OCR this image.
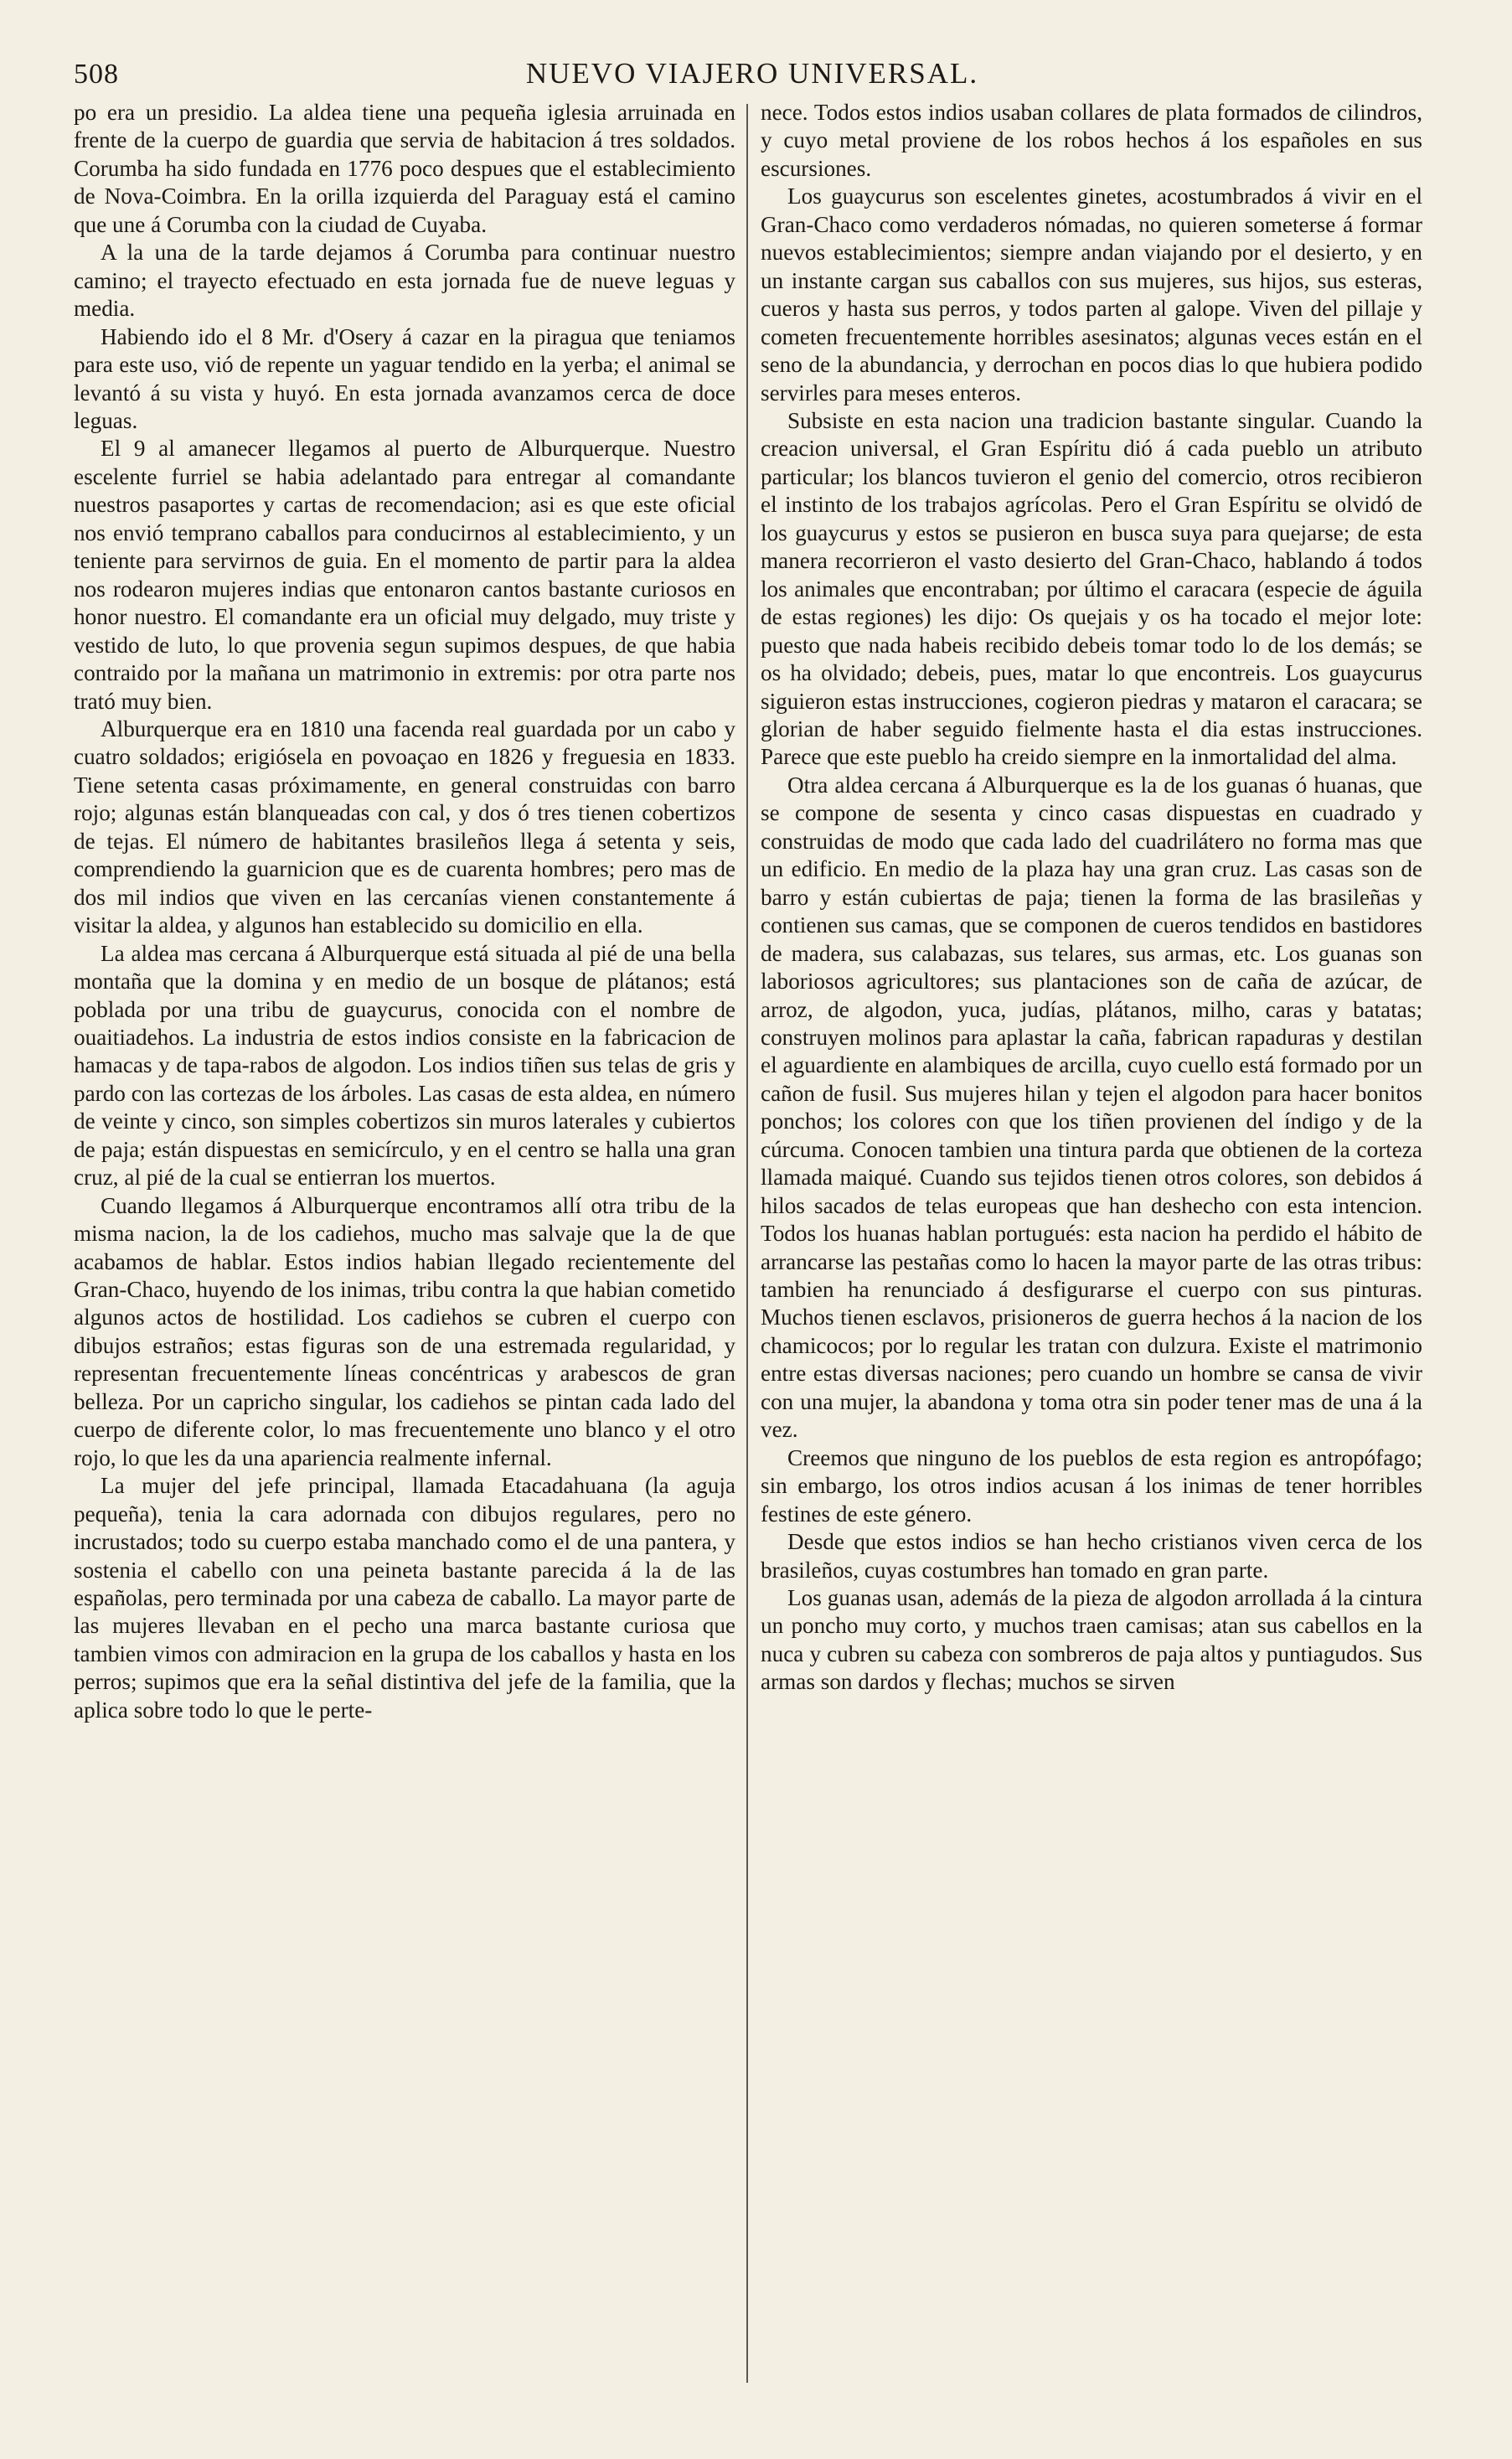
508	NUEVO VIAJERO UNIVERSAL.

po era un presidio. La aldea tiene una pequeña iglesia arruinada en frente de la cuerpo de guardia que servia de habitacion á tres soldados. Corumba ha sido fundada en 1776 poco despues que el establecimiento de Nova-Coimbra. En la orilla izquierda del Paraguay está el camino que une á Corumba con la ciudad de Cuyaba.

A la una de la tarde dejamos á Corumba para continuar nuestro camino; el trayecto efectuado en esta jornada fue de nueve leguas y media.

Habiendo ido el 8 Mr. d'Osery á cazar en la piragua que teniamos para este uso, vió de repente un yaguar tendido en la yerba; el animal se levantó á su vista y huyó. En esta jornada avanzamos cerca de doce leguas.

El 9 al amanecer llegamos al puerto de Alburquerque. Nuestro escelente furriel se habia adelantado para entregar al comandante nuestros pasaportes y cartas de recomendacion; asi es que este oficial nos envió temprano caballos para conducirnos al establecimiento, y un teniente para servirnos de guia. En el momento de partir para la aldea nos rodearon mujeres indias que entonaron cantos bastante curiosos en honor nuestro. El comandante era un oficial muy delgado, muy triste y vestido de luto, lo que provenia segun supimos despues, de que habia contraido por la mañana un matrimonio in extremis: por otra parte nos trató muy bien.

Alburquerque era en 1810 una facenda real guardada por un cabo y cuatro soldados; erigiósela en povoaçao en 1826 y freguesia en 1833. Tiene setenta casas próximamente, en general construidas con barro rojo; algunas están blanqueadas con cal, y dos ó tres tienen cobertizos de tejas. El número de habitantes brasileños llega á setenta y seis, comprendiendo la guarnicion que es de cuarenta hombres; pero mas de dos mil indios que viven en las cercanías vienen constantemente á visitar la aldea, y algunos han establecido su domicilio en ella.

La aldea mas cercana á Alburquerque está situada al pié de una bella montaña que la domina y en medio de un bosque de plátanos; está poblada por una tribu de guaycurus, conocida con el nombre de ouaitiadehos. La industria de estos indios consiste en la fabricacion de hamacas y de tapa-rabos de algodon. Los indios tiñen sus telas de gris y pardo con las cortezas de los árboles. Las casas de esta aldea, en número de veinte y cinco, son simples cobertizos sin muros laterales y cubiertos de paja; están dispuestas en semicírculo, y en el centro se halla una gran cruz, al pié de la cual se entierran los muertos.

Cuando llegamos á Alburquerque encontramos allí otra tribu de la misma nacion, la de los cadiehos, mucho mas salvaje que la de que acabamos de hablar. Estos indios habian llegado recientemente del Gran-Chaco, huyendo de los inimas, tribu contra la que habian cometido algunos actos de hostilidad. Los cadiehos se cubren el cuerpo con dibujos estraños; estas figuras son de una estremada regularidad, y representan frecuentemente líneas concéntricas y arabescos de gran belleza. Por un capricho singular, los cadiehos se pintan cada lado del cuerpo de diferente color, lo mas frecuentemente uno blanco y el otro rojo, lo que les da una apariencia realmente infernal.

La mujer del jefe principal, llamada Etacadahuana (la aguja pequeña), tenia la cara adornada con dibujos regulares, pero no incrustados; todo su cuerpo estaba manchado como el de una pantera, y sostenia el cabello con una peineta bastante parecida á la de las españolas, pero terminada por una cabeza de caballo. La mayor parte de las mujeres llevaban en el pecho una marca bastante curiosa que tambien vimos con admiracion en la grupa de los caballos y hasta en los perros; supimos que era la señal distintiva del jefe de la familia, que la aplica sobre todo lo que le perte-

nece. Todos estos indios usaban collares de plata formados de cilindros, y cuyo metal proviene de los robos hechos á los españoles en sus escursiones.

Los guaycurus son escelentes ginetes, acostumbrados á vivir en el Gran-Chaco como verdaderos nómadas, no quieren someterse á formar nuevos establecimientos; siempre andan viajando por el desierto, y en un instante cargan sus caballos con sus mujeres, sus hijos, sus esteras, cueros y hasta sus perros, y todos parten al galope. Viven del pillaje y cometen frecuentemente horribles asesinatos; algunas veces están en el seno de la abundancia, y derrochan en pocos dias lo que hubiera podido servirles para meses enteros.

Subsiste en esta nacion una tradicion bastante singular. Cuando la creacion universal, el Gran Espíritu dió á cada pueblo un atributo particular; los blancos tuvieron el genio del comercio, otros recibieron el instinto de los trabajos agrícolas. Pero el Gran Espíritu se olvidó de los guaycurus y estos se pusieron en busca suya para quejarse; de esta manera recorrieron el vasto desierto del Gran-Chaco, hablando á todos los animales que encontraban; por último el caracara (especie de águila de estas regiones) les dijo: Os quejais y os ha tocado el mejor lote: puesto que nada habeis recibido debeis tomar todo lo de los demás; se os ha olvidado; debeis, pues, matar lo que encontreis. Los guaycurus siguieron estas instrucciones, cogieron piedras y mataron el caracara; se glorian de haber seguido fielmente hasta el dia estas instrucciones. Parece que este pueblo ha creido siempre en la inmortalidad del alma.

Otra aldea cercana á Alburquerque es la de los guanas ó huanas, que se compone de sesenta y cinco casas dispuestas en cuadrado y construidas de modo que cada lado del cuadrilátero no forma mas que un edificio. En medio de la plaza hay una gran cruz. Las casas son de barro y están cubiertas de paja; tienen la forma de las brasileñas y contienen sus camas, que se componen de cueros tendidos en bastidores de madera, sus calabazas, sus telares, sus armas, etc. Los guanas son laboriosos agricultores; sus plantaciones son de caña de azúcar, de arroz, de algodon, yuca, judías, plátanos, milho, caras y batatas; construyen molinos para aplastar la caña, fabrican rapaduras y destilan el aguardiente en alambiques de arcilla, cuyo cuello está formado por un cañon de fusil. Sus mujeres hilan y tejen el algodon para hacer bonitos ponchos; los colores con que los tiñen provienen del índigo y de la cúrcuma. Conocen tambien una tintura parda que obtienen de la corteza llamada maiqué. Cuando sus tejidos tienen otros colores, son debidos á hilos sacados de telas europeas que han deshecho con esta intencion. Todos los huanas hablan portugués: esta nacion ha perdido el hábito de arrancarse las pestañas como lo hacen la mayor parte de las otras tribus: tambien ha renunciado á desfigurarse el cuerpo con sus pinturas. Muchos tienen esclavos, prisioneros de guerra hechos á la nacion de los chamicocos; por lo regular les tratan con dulzura. Existe el matrimonio entre estas diversas naciones; pero cuando un hombre se cansa de vivir con una mujer, la abandona y toma otra sin poder tener mas de una á la vez.

Creemos que ninguno de los pueblos de esta region es antropófago; sin embargo, los otros indios acusan á los inimas de tener horribles festines de este género.

Desde que estos indios se han hecho cristianos viven cerca de los brasileños, cuyas costumbres han tomado en gran parte.

Los guanas usan, además de la pieza de algodon arrollada á la cintura un poncho muy corto, y muchos traen camisas; atan sus cabellos en la nuca y cubren su cabeza con sombreros de paja altos y puntiagudos. Sus armas son dardos y flechas; muchos se sirven
